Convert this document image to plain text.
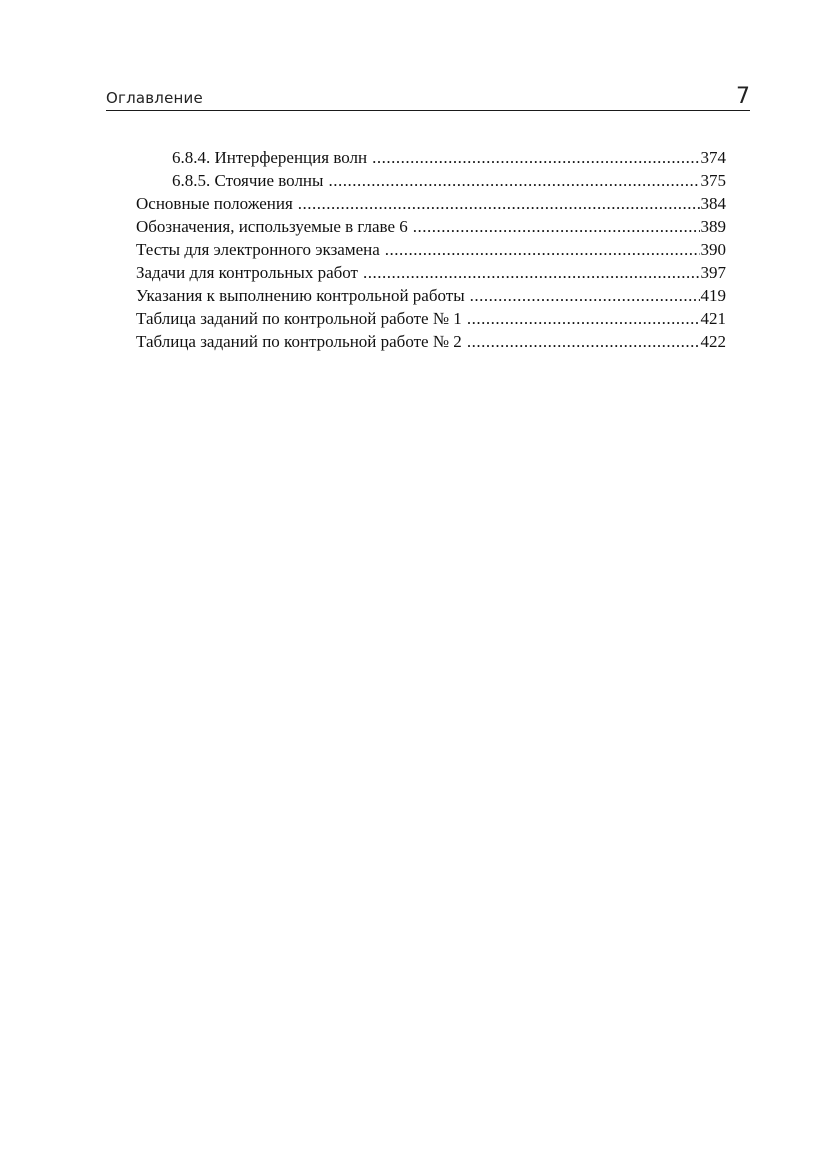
Оглавление	7
6.8.4. Интерференция волн .....	374
6.8.5. Стоячие волны .....	375
Основные положения .....	384
Обозначения, используемые в главе 6 .....	389
Тесты для электронного экзамена .....	390
Задачи для контрольных работ .....	397
Указания к выполнению контрольной работы .....	419
Таблица заданий по контрольной работе № 1 .....	421
Таблица заданий по контрольной работе № 2 .....	422
